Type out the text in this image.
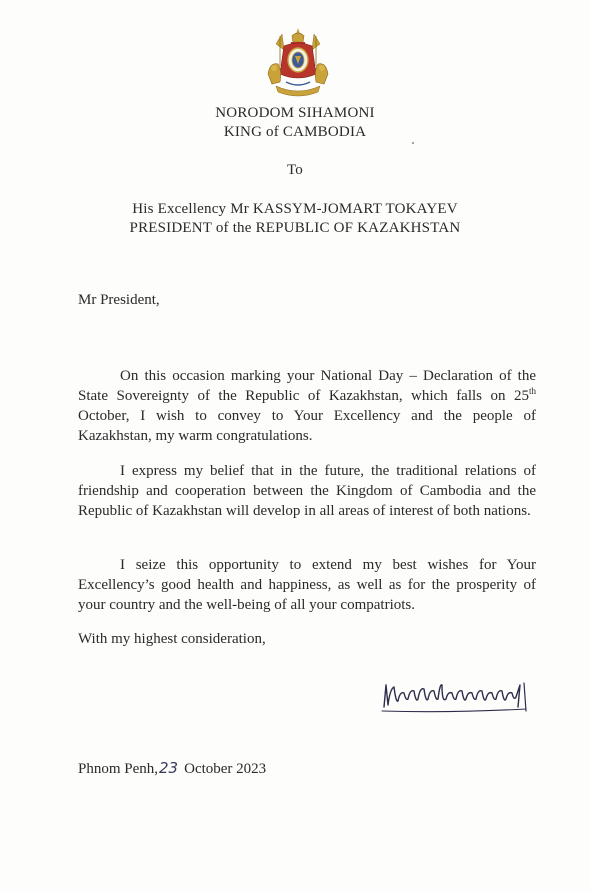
NORODOM SIHAMONI
KING of CAMBODIA
To
His Excellency Mr KASSYM-JOMART TOKAYEV
PRESIDENT of the REPUBLIC OF KAZAKHSTAN
Mr President,
On this occasion marking your National Day – Declaration of the State Sovereignty of the Republic of Kazakhstan, which falls on 25th October, I wish to convey to Your Excellency and the people of Kazakhstan, my warm congratulations.
I express my belief that in the future, the traditional relations of friendship and cooperation between the Kingdom of Cambodia and the Republic of Kazakhstan will develop in all areas of interest of both nations.
I seize this opportunity to extend my best wishes for Your Excellency’s good health and happiness, as well as for the prosperity of your country and the well-being of all your compatriots.
With my highest consideration,
Phnom Penh,23 October 2023
